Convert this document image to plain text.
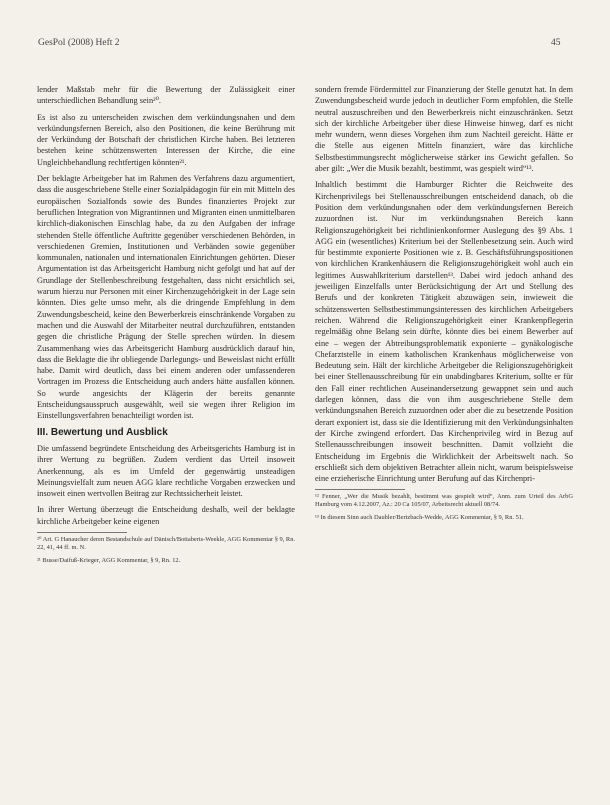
GesPol (2008) Heft 2	45

lender Maßstab mehr für die Bewertung der Zulässigkeit einer unterschiedlichen Behandlung sein²⁰.

Es ist also zu unterscheiden zwischen dem verkündungsnahen und dem verkündungsfernen Bereich, also den Positionen, die keine Berührung mit der Verkündung der Botschaft der christlichen Kirche haben. Bei letzteren bestehen keine schützenswerten Interessen der Kirche, die eine Ungleichbehandlung rechtfertigen könnten²¹.

Der beklagte Arbeitgeber hat im Rahmen des Verfahrens dazu argumentiert, dass die ausgeschriebene Stelle einer Sozialpädagogin für ein mit Mitteln des europäischen Sozialfonds sowie des Bundes finanziertes Projekt zur beruflichen Integration von Migrantinnen und Migranten einen unmittelbaren kirchlich-diakonischen Einschlag habe, da zu den Aufgaben der infrage stehenden Stelle öffentliche Auftritte gegenüber verschiedenen Behörden, in verschiedenen Gremien, Institutionen und Verbänden sowie gegenüber kommunalen, nationalen und internationalen Einrichtungen gehörten. Dieser Argumentation ist das Arbeitsgericht Hamburg nicht gefolgt und hat auf der Grundlage der Stellenbeschreibung festgehalten, dass nicht ersichtlich sei, warum hierzu nur Personen mit einer Kirchenzugehörigkeit in der Lage sein könnten. Dies gelte umso mehr, als die dringende Empfehlung in dem Zuwendungsbescheid, keine den Bewerberkreis einschränkende Vorgaben zu machen und die Auswahl der Mitarbeiter neutral durchzuführen, entstanden gegen die christliche Prägung der Stelle sprechen würden. In diesem Zusammenhang wies das Arbeitsgericht Hamburg ausdrücklich darauf hin, dass die Beklagte die ihr obliegende Darlegungs- und Beweislast nicht erfüllt habe. Damit wird deutlich, dass bei einem anderen oder umfassenderen Vortragen im Prozess die Entscheidung auch anders hätte ausfallen können. So wurde angesichts der Klägerin der bereits genannte Entscheidungsausspruch ausgewählt, weil sie wegen ihrer Religion im Einstellungsverfahren benachteiligt worden ist.

III. Bewertung und Ausblick

Die umfassend begründete Entscheidung des Arbeitsgerichts Hamburg ist in ihrer Wertung zu begrüßen. Zudem verdient das Urteil insoweit Anerkennung, als es im Umfeld der gegenwärtig unsteadigen Meinungsvielfalt zum neuen AGG klare rechtliche Vorgaben erzwecken und insoweit einen wertvollen Beitrag zur Rechtssicherheit leistet.

In ihrer Wertung überzeugt die Entscheidung deshalb, weil der beklagte kirchliche Arbeitgeber keine eigenen

²⁰ Art. G Hanaucher deren Bestandschule auf Dänisch/Bottaberts-Weekle, AGG Kommentar § 9, Rn. 22, 41, 44 ff. m. N.

²¹ Busse/Daifuß-Krieger, AGG Kommentar, § 9, Rn. 12.

sondern fremde Fördermittel zur Finanzierung der Stelle genutzt hat. In dem Zuwendungsbescheid wurde jedoch in deutlicher Form empfohlen, die Stelle neutral auszuschreiben und den Bewerberkreis nicht einzuschränken. Setzt sich der kirchliche Arbeitgeber über diese Hinweise hinweg, darf es nicht mehr wundern, wenn dieses Vorgehen ihm zum Nachteil gereicht. Hätte er die Stelle aus eigenen Mitteln finanziert, wäre das kirchliche Selbstbestimmungsrecht möglicherweise stärker ins Gewicht gefallen. So aber gilt: „Wer die Musik bezahlt, bestimmt, was gespielt wird“¹³.

Inhaltlich bestimmt die Hamburger Richter die Reichweite des Kirchenprivilegs bei Stellenausschreibungen entscheidend danach, ob die Position dem verkündungsnahen oder dem verkündungsfernen Bereich zuzuordnen ist. Nur im verkündungsnahen Bereich kann Religionszugehörigkeit bei richtlinienkonformer Auslegung des §9 Abs. 1 AGG ein (wesentliches) Kriterium bei der Stellenbesetzung sein. Auch wird für bestimmte exponierte Positionen wie z. B. Geschäftsführungspositionen von kirchlichen Krankenhäusern die Religionszugehörigkeit wohl auch ein legitimes Auswahlkriterium darstellen¹³. Dabei wird jedoch anhand des jeweiligen Einzelfalls unter Berücksichtigung der Art und Stellung des Berufs und der konkreten Tätigkeit abzuwägen sein, inwieweit die schützenswerten Selbstbestimmungsinteressen des kirchlichen Arbeitgebers reichen. Während die Religionszugehörigkeit einer Krankenpflegerin regelmäßig ohne Belang sein dürfte, könnte dies bei einem Bewerber auf eine – wegen der Abtreibungsproblematik exponierte – gynäkologische Chefarztstelle in einem katholischen Krankenhaus möglicherweise von Bedeutung sein. Hält der kirchliche Arbeitgeber die Religionszugehörigkeit bei einer Stellenausschreibung für ein unabdingbares Kriterium, sollte er für den Fall einer rechtlichen Auseinandersetzung gewappnet sein und auch darlegen können, dass die von ihm ausgeschriebene Stelle dem verkündungsnahen Bereich zuzuordnen oder aber die zu besetzende Position derart exponiert ist, dass sie die Identifizierung mit den Verkündungsinhalten der Kirche zwingend erfordert. Das Kirchenprivileg wird in Bezug auf Stellenausschreibungen insoweit beschnitten. Damit vollzieht die Entscheidung im Ergebnis die Wirklichkeit der Arbeitswelt nach. So erschließt sich dem objektiven Betrachter allein nicht, warum beispielsweise eine erzieherische Einrichtung unter Berufung auf das Kirchenpri-

¹² Fenner, „Wer die Musik bezahlt, bestimmt was gespielt wird“, Anm. zum Urteil des ArbG Hamburg vom 4.12.2007, Az.: 20 Ca 105/07, Arbeitsrecht aktuell 08/74.

¹³ In diesem Sinn auch Daubler/Bertzbach-Wedde, AGG Kommentar, § 9, Rn. 51.
